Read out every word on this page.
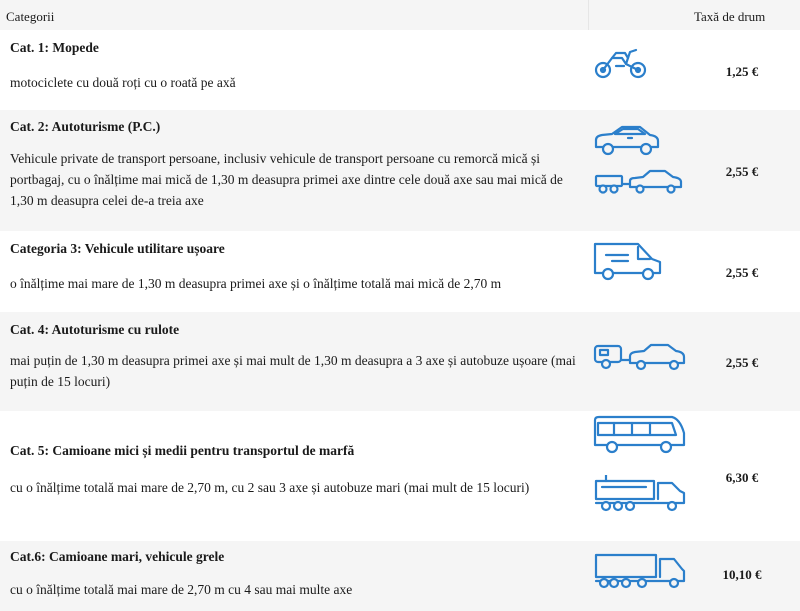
Categorii	Taxă de drum
Cat. 1: Mopede
motociclete cu două roți cu o roată pe axă
1,25 €
Cat. 2: Autoturisme (P.C.)
Vehicule private de transport persoane, inclusiv vehicule de transport persoane cu remorcă mică și portbagaj, cu o înălțime mai mică de 1,30 m deasupra primei axe dintre cele două axe sau mai mică de 1,30 m deasupra celei de-a treia axe
2,55 €
Categoria 3: Vehicule utilitare ușoare
o înălțime mai mare de 1,30 m deasupra primei axe și o înălțime totală mai mică de 2,70 m
2,55 €
Cat. 4: Autoturisme cu rulote
mai puțin de 1,30 m deasupra primei axe și mai mult de 1,30 m deasupra a 3 axe și autobuze ușoare (mai puțin de 15 locuri)
2,55 €
Cat. 5: Camioane mici și medii pentru transportul de marfă
cu o înălțime totală mai mare de 2,70 m, cu 2 sau 3 axe și autobuze mari (mai mult de 15 locuri)
6,30 €
Cat.6: Camioane mari, vehicule grele
cu o înălțime totală mai mare de 2,70 m cu 4 sau mai multe axe
10,10 €
